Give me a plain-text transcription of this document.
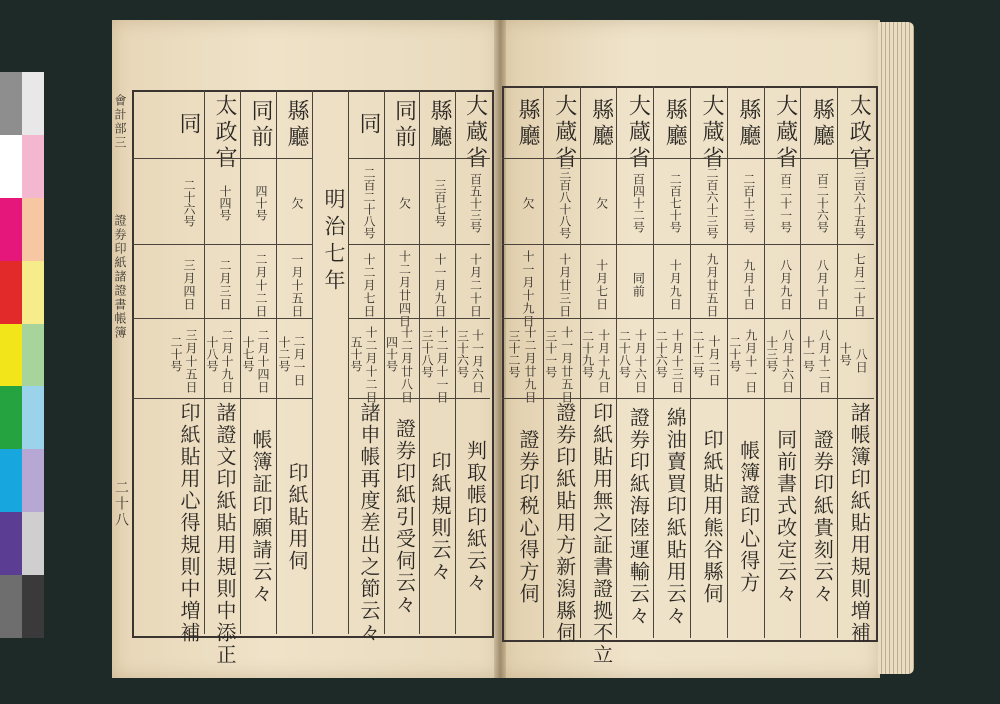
會計部三
證券印紙諸證書帳簿
二十八
太政官
三百六十五号
七月二十日
八日
十号
諸帳簿印紙貼用規則増補
縣廳
百二十六号
八月十日
八月十二日
十一号
證券印紙貴刻云々
大蔵省
百二十一号
八月九日
八月十六日
十三号
同前書式改定云々
縣廳
二百十三号
九月十日
九月十一日
二十号
帳簿證印心得方
大蔵省
二百六十三号
九月廿五日
十月二日
二十二号
印紙貼用熊谷縣伺
縣廳
二百七十号
十月九日
十月十三日
二十六号
綿油賣買印紙貼用云々
大蔵省
百四十二号
同前
十月十六日
二十八号
證券印紙海陸運輸云々
縣廳
欠
十月七日
十月十九日
二十九号
印紙貼用無之証書證拠不立
大蔵省
三百八十八号
十月廿三日
十一月廿五日
三十一号
證券印紙貼用方新潟縣伺
縣廳
欠
十一月十九日
十二月廿九日
三十二号
證券印税心得方伺
大蔵省
百五十三号
十月二十日
十一月六日
三十六号
判取帳印紙云々
縣廳
三百七号
十一月九日
十二月十一日
三十八号
印紙規則云々
同前
欠
十二月廿四日
十二月廿八日
四十号
證券印紙引受伺云々
同
二百二十八号
十二月七日
十二月十二日
五十号
諸申帳再度差出之節云々
明治七年
縣廳
欠
一月十五日
二月一日
十二号
印紙貼用伺
同前
四十号
二月十二日
二月十四日
十七号
帳簿証印願請云々
太政官
十四号
二月三日
二月十九日
十八号
諸證文印紙貼用規則中添正
同
二十六号
三月四日
三月十五日
二十号
印紙貼用心得規則中増補
